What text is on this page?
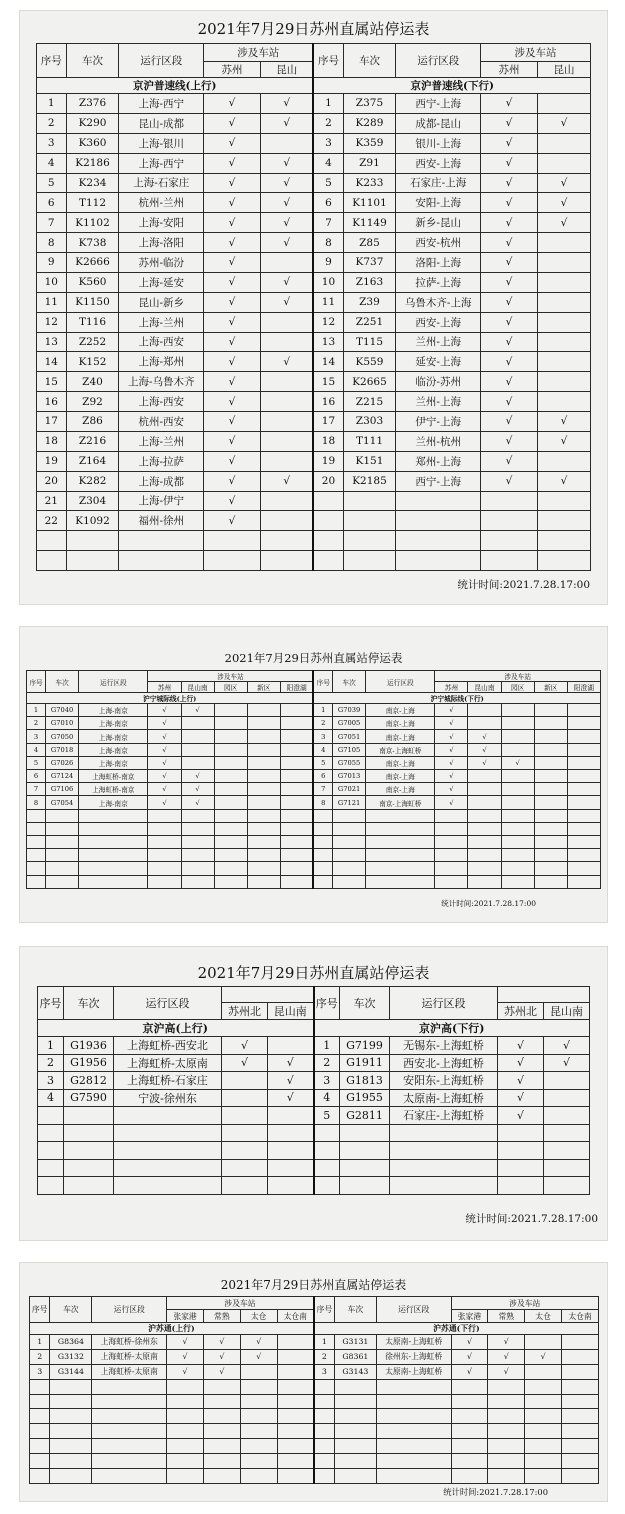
2021年7月29日苏州直属站停运表
序号	车次	运行区段	涉及车站		序号	车次	运行区段	涉及车站	
			苏州	昆山				苏州	昆山
京沪普速线(上行)					京沪普速线(下行)				
1	Z376	上海-西宁	√	√	1	Z375	西宁-上海	√	
2	K290	昆山-成都	√	√	2	K289	成都-昆山	√	√
3	K360	上海-银川	√		3	K359	银川-上海	√	
4	K2186	上海-西宁	√	√	4	Z91	西安-上海	√	
5	K234	上海-石家庄	√	√	5	K233	石家庄-上海	√	√
6	T112	杭州-兰州	√	√	6	K1101	安阳-上海	√	√
7	K1102	上海-安阳	√	√	7	K1149	新乡-昆山	√	√
8	K738	上海-洛阳	√	√	8	Z85	西安-杭州	√	
9	K2666	苏州-临汾	√		9	K737	洛阳-上海	√	
10	K560	上海-延安	√	√	10	Z163	拉萨-上海	√	
11	K1150	昆山-新乡	√	√	11	Z39	乌鲁木齐-上海	√	
12	T116	上海-兰州	√		12	Z251	西安-上海	√	
13	Z252	上海-西安	√		13	T115	兰州-上海	√	
14	K152	上海-郑州	√	√	14	K559	延安-上海	√	
15	Z40	上海-乌鲁木齐	√		15	K2665	临汾-苏州	√	
16	Z92	上海-西安	√		16	Z215	兰州-上海	√	
17	Z86	杭州-西安	√		17	Z303	伊宁-上海	√	√
18	Z216	上海-兰州	√		18	T111	兰州-杭州	√	√
19	Z164	上海-拉萨	√		19	K151	郑州-上海	√	
20	K282	上海-成都	√	√	20	K2185	西宁-上海	√	√
21	Z304	上海-伊宁	√						
22	K1092	福州-徐州	√						

统计时间:2021.7.28.17:00
2021年7月29日苏州直属站停运表
序号	车次	运行区段	涉及车站					序号	车次	运行区段	涉及车站				
			苏州	昆山南	园区	新区	阳澄湖				苏州	昆山南	园区	新区	阳澄湖
沪宁城际线(上行)								沪宁城际线(下行)							
1	G7040	上海-南京	√	√				1	G7039	南京-上海	√				
2	G7010	上海-南京	√					2	G7005	南京-上海	√				
3	G7050	上海-南京	√					3	G7051	南京-上海	√	√			
4	G7018	上海-南京	√					4	G7105	南京-上海虹桥	√	√			
5	G7026	上海-南京	√					5	G7055	南京-上海	√	√	√		
6	G7124	上海虹桥-南京	√	√				6	G7013	南京-上海	√				
7	G7106	上海虹桥-南京	√	√				7	G7021	南京-上海	√				
8	G7054	上海-南京	√	√				8	G7121	南京-上海虹桥	√				

统计时间:2021.7.28.17:00
2021年7月29日苏州直属站停运表
序号	车次	运行区段			序号	车次	运行区段		
			苏州北	昆山南				苏州北	昆山南
京沪高(上行)					京沪高(下行)				
1	G1936	上海虹桥-西安北	√		1	G7199	无锡东-上海虹桥	√	√
2	G1956	上海虹桥-太原南	√	√	2	G1911	西安北-上海虹桥	√	√
3	G2812	上海虹桥-石家庄		√	3	G1813	安阳东-上海虹桥	√	
4	G7590	宁波-徐州东		√	4	G1955	太原南-上海虹桥	√	
					5	G2811	石家庄-上海虹桥	√	

统计时间:2021.7.28.17:00
2021年7月29日苏州直属站停运表
序号	车次	运行区段	涉及车站				序号	车次	运行区段	涉及车站			
			张家港	常熟	太仓	太仓南				张家港	常熟	太仓	太仓南
沪苏通(上行)							沪苏通(下行)						
1	G8364	上海虹桥-徐州东	√	√	√		1	G3131	太原南-上海虹桥	√	√		
2	G3132	上海虹桥-太原南	√	√	√		2	G8361	徐州东-上海虹桥	√	√	√	
3	G3144	上海虹桥-太原南	√	√			3	G3143	太原南-上海虹桥	√	√		

统计时间:2021.7.28.17:00
